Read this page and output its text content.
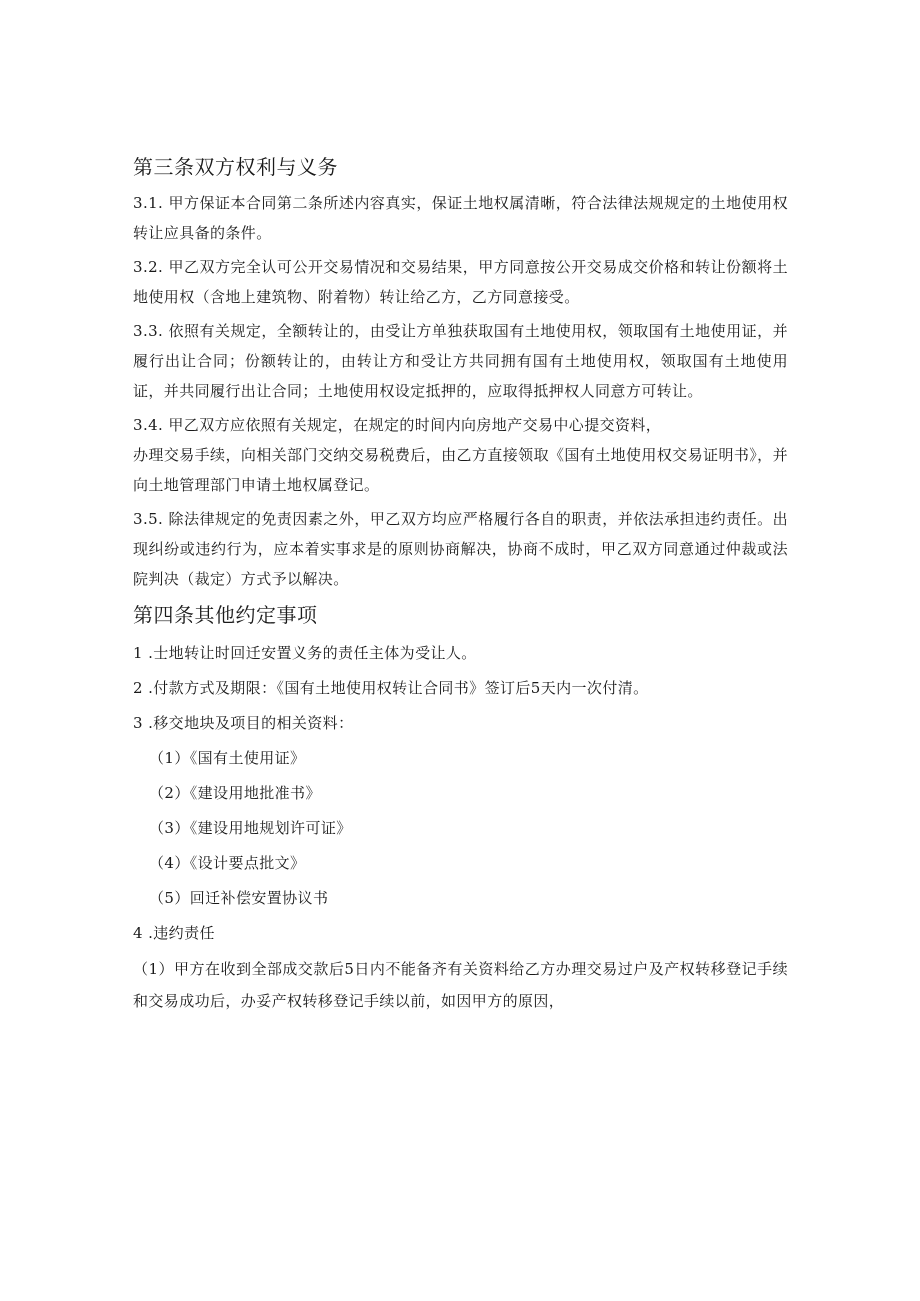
第三条双方权利与义务

3.1. 甲方保证本合同第二条所述内容真实，保证土地权属清晰，符合法律法规规定的土地使用权转让应具备的条件。

3.2. 甲乙双方完全认可公开交易情况和交易结果，甲方同意按公开交易成交价格和转让份额将土地使用权（含地上建筑物、附着物）转让给乙方，乙方同意接受。

3.3. 依照有关规定，全额转让的，由受让方单独获取国有土地使用权，领取国有土地使用证，并履行出让合同；份额转让的，由转让方和受让方共同拥有国有土地使用权，领取国有土地使用证，并共同履行出让合同；土地使用权设定抵押的，应取得抵押权人同意方可转让。

3.4. 甲乙双方应依照有关规定，在规定的时间内向房地产交易中心提交资料，

办理交易手续，向相关部门交纳交易税费后，由乙方直接领取《国有土地使用权交易证明书》，并向土地管理部门申请土地权属登记。

3.5. 除法律规定的免责因素之外，甲乙双方均应严格履行各自的职责，并依法承担违约责任。出现纠纷或违约行为，应本着实事求是的原则协商解决，协商不成时，甲乙双方同意通过仲裁或法院判决（裁定）方式予以解决。

第四条其他约定事项

1 .士地转让时回迁安置义务的责任主体为受让人。

2 .付款方式及期限：《国有土地使用权转让合同书》签订后5天内一次付清。

3 .移交地块及项目的相关资料：

（1）《国有土使用证》

（2）《建设用地批准书》

（3）《建设用地规划许可证》

（4）《设计要点批文》

（5）回迁补偿安置协议书

4 .违约责任

（1）甲方在收到全部成交款后5日内不能备齐有关资料给乙方办理交易过户及产权转移登记手续和交易成功后，办妥产权转移登记手续以前，如因甲方的原因，
